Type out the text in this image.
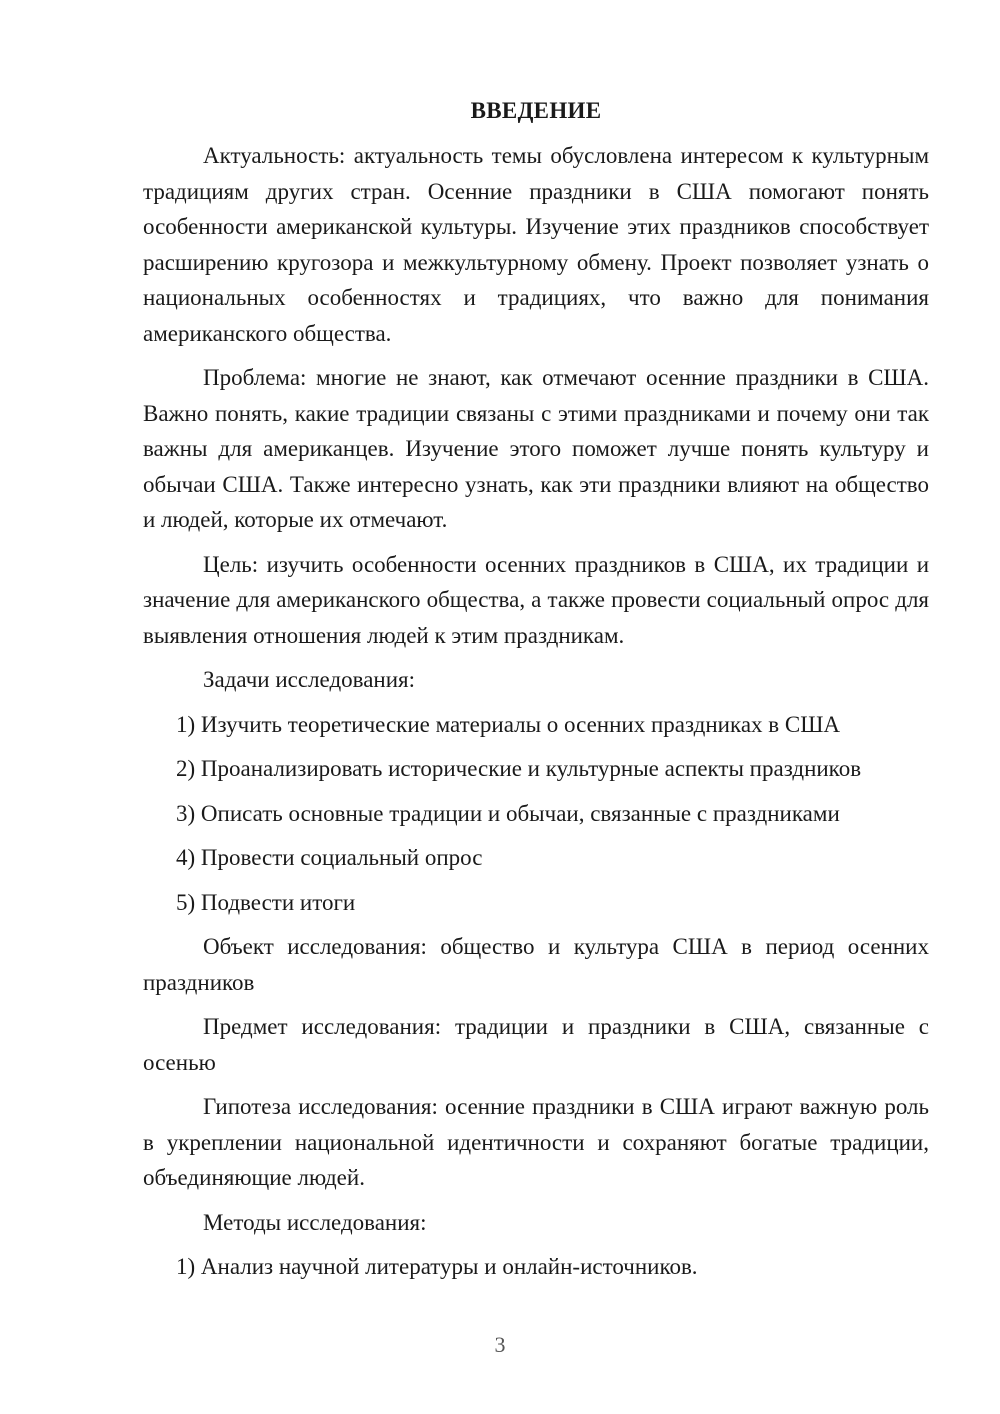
ВВЕДЕНИЕ

Актуальность: актуальность темы обусловлена интересом к культурным традициям других стран. Осенние праздники в США помогают понять особенности американской культуры. Изучение этих праздников способствует расширению кругозора и межкультурному обмену. Проект позволяет узнать о национальных особенностях и традициях, что важно для понимания американского общества.

Проблема: многие не знают, как отмечают осенние праздники в США. Важно понять, какие традиции связаны с этими праздниками и почему они так важны для американцев. Изучение этого поможет лучше понять культуру и обычаи США. Также интересно узнать, как эти праздники влияют на общество и людей, которые их отмечают.

Цель: изучить особенности осенних праздников в США, их традиции и значение для американского общества, а также провести социальный опрос для выявления отношения людей к этим праздникам.

Задачи исследования:

1) Изучить теоретические материалы о осенних праздниках в США

2) Проанализировать исторические и культурные аспекты праздников

3) Описать основные традиции и обычаи, связанные с праздниками

4) Провести социальный опрос

5) Подвести итоги

Объект исследования: общество и культура США в период осенних праздников

Предмет исследования: традиции и праздники в США, связанные с осенью

Гипотеза исследования: осенние праздники в США играют важную роль в укреплении национальной идентичности и сохраняют богатые традиции, объединяющие людей.

Методы исследования:

1) Анализ научной литературы и онлайн-источников.

3
